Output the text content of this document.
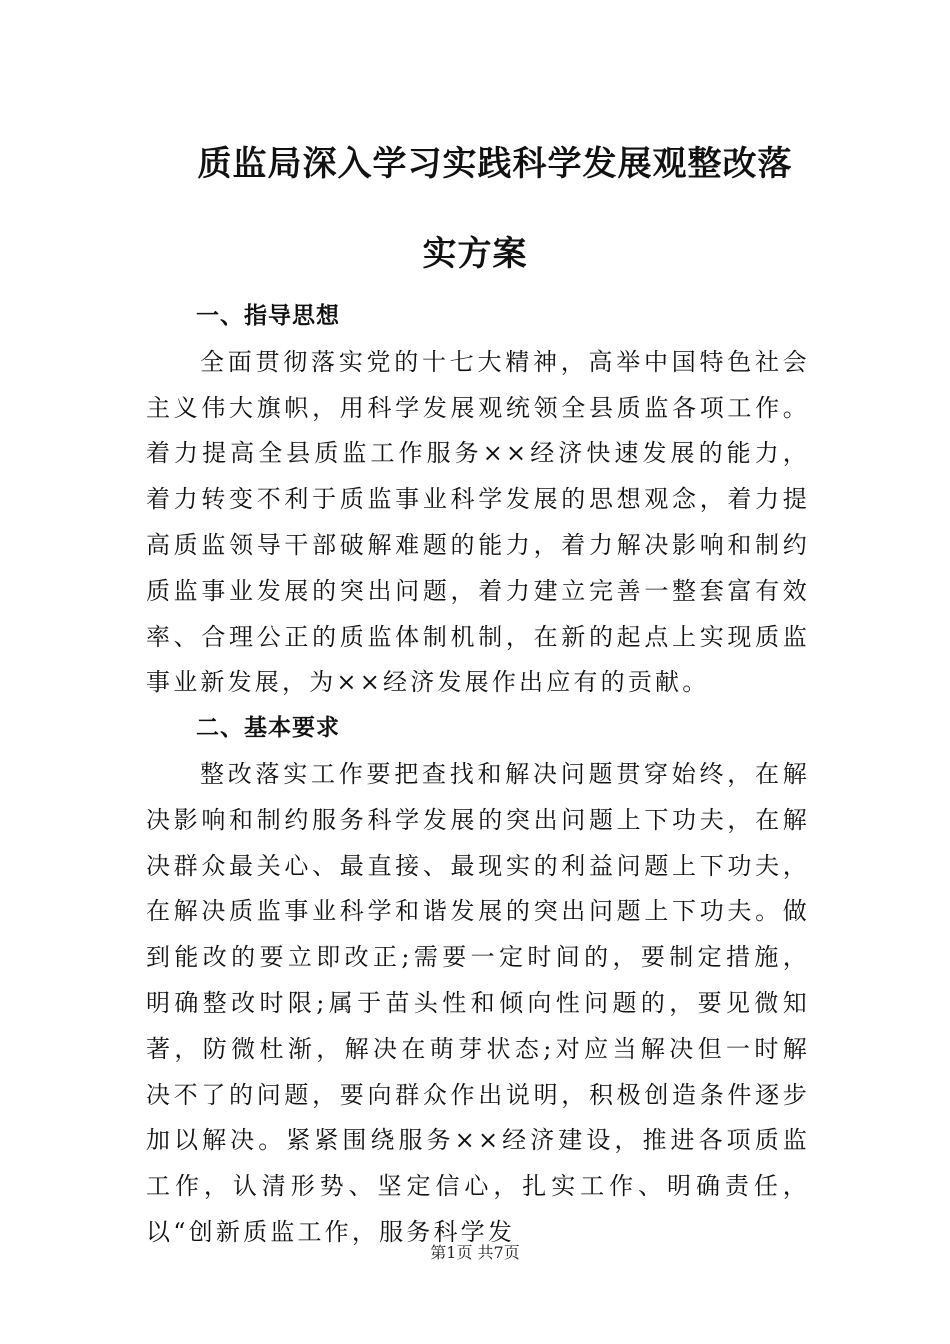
质监局深入学习实践科学发展观整改落
实方案

一、指导思想

全面贯彻落实党的十七大精神，高举中国特色社会主义伟大旗帜，用科学发展观统领全县质监各项工作。着力提高全县质监工作服务××经济快速发展的能力，着力转变不利于质监事业科学发展的思想观念，着力提高质监领导干部破解难题的能力，着力解决影响和制约质监事业发展的突出问题，着力建立完善一整套富有效率、合理公正的质监体制机制，在新的起点上实现质监事业新发展，为××经济发展作出应有的贡献。

二、基本要求

整改落实工作要把查找和解决问题贯穿始终，在解决影响和制约服务科学发展的突出问题上下功夫，在解决群众最关心、最直接、最现实的利益问题上下功夫，在解决质监事业科学和谐发展的突出问题上下功夫。做到能改的要立即改正;需要一定时间的，要制定措施，明确整改时限;属于苗头性和倾向性问题的，要见微知著，防微杜渐，解决在萌芽状态;对应当解决但一时解决不了的问题，要向群众作出说明，积极创造条件逐步加以解决。紧紧围绕服务××经济建设，推进各项质监工作，认清形势、坚定信心，扎实工作、明确责任，以“创新质监工作，服务科学发

第1页 共7页
